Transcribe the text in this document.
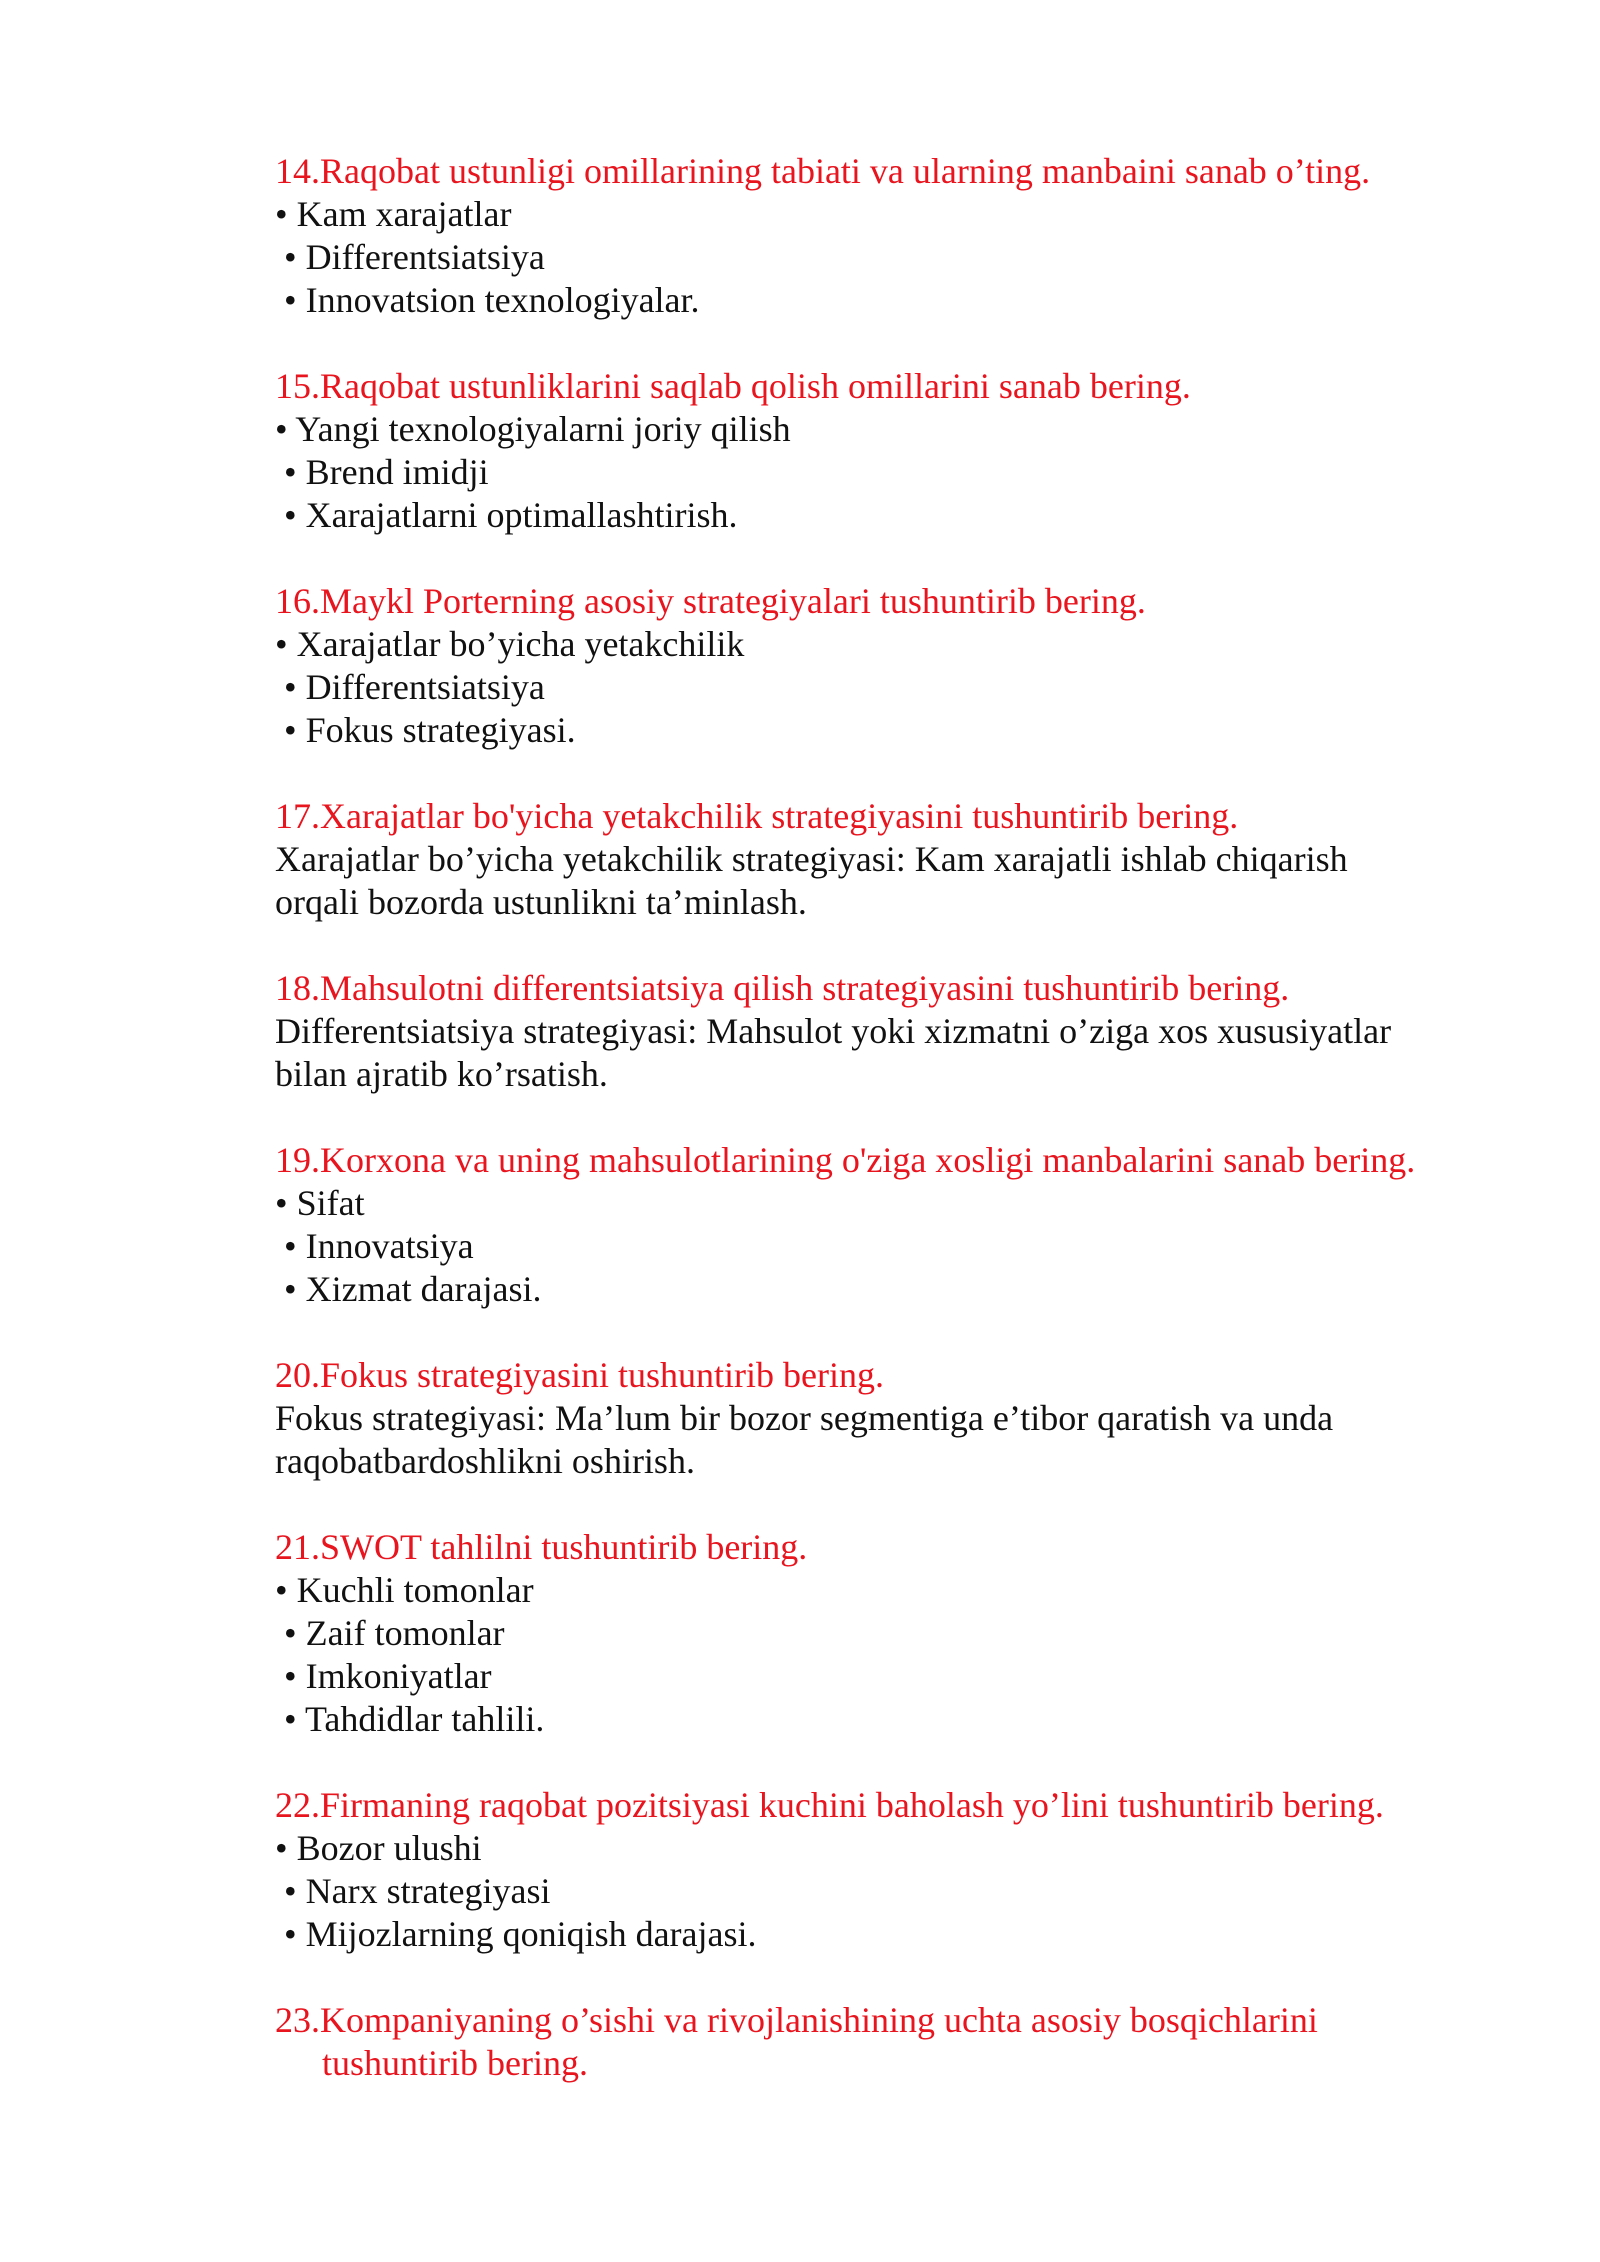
14.Raqobat ustunligi omillarining tabiati va ularning manbaini sanab o’ting.
• Kam xarajatlar
• Differentsiatsiya
• Innovatsion texnologiyalar.
15.Raqobat ustunliklarini saqlab qolish omillarini sanab bering.
• Yangi texnologiyalarni joriy qilish
• Brend imidji
• Xarajatlarni optimallashtirish.
16.Maykl Porterning asosiy strategiyalari tushuntirib bering.
• Xarajatlar bo’yicha yetakchilik
• Differentsiatsiya
• Fokus strategiyasi.
17.Xarajatlar bo'yicha yetakchilik strategiyasini tushuntirib bering.
Xarajatlar bo’yicha yetakchilik strategiyasi: Kam xarajatli ishlab chiqarish
orqali bozorda ustunlikni ta’minlash.
18.Mahsulotni differentsiatsiya qilish strategiyasini tushuntirib bering.
Differentsiatsiya strategiyasi: Mahsulot yoki xizmatni o’ziga xos xususiyatlar
bilan ajratib ko’rsatish.
19.Korxona va uning mahsulotlarining o'ziga xosligi manbalarini sanab bering.
• Sifat
• Innovatsiya
• Xizmat darajasi.
20.Fokus strategiyasini tushuntirib bering.
Fokus strategiyasi: Ma’lum bir bozor segmentiga e’tibor qaratish va unda
raqobatbardoshlikni oshirish.
21.SWOT tahlilni tushuntirib bering.
• Kuchli tomonlar
• Zaif tomonlar
• Imkoniyatlar
• Tahdidlar tahlili.
22.Firmaning raqobat pozitsiyasi kuchini baholash yo’lini tushuntirib bering.
• Bozor ulushi
• Narx strategiyasi
• Mijozlarning qoniqish darajasi.
23.Kompaniyaning o’sishi va rivojlanishining uchta asosiy bosqichlarini tushuntirib bering.
